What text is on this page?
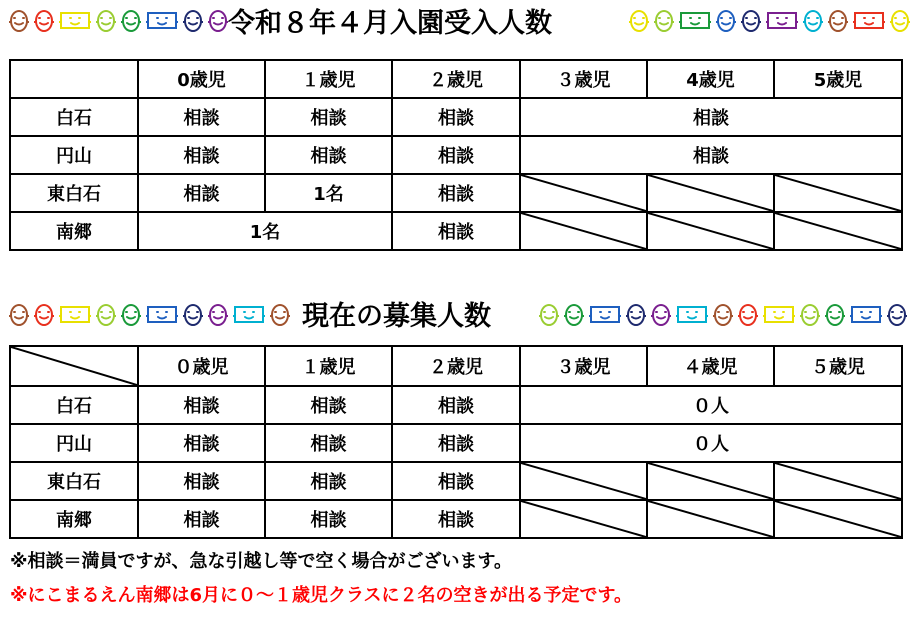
令和８年４月入園受入人数
	0歳児	１歳児	２歳児	３歳児	4歳児	5歳児
白石	相談	相談	相談	相談		
円山	相談	相談	相談	相談		
東白石	相談	1名	相談	

南郷	1名		相談	

現在の募集人数
	０歳児	１歳児	２歳児	３歳児	４歳児	５歳児
白石	相談	相談	相談	０人		
円山	相談	相談	相談	０人		
東白石	相談	相談	相談	

南郷	相談	相談	相談	

※相談＝満員ですが、急な引越し等で空く場合がございます。
※にこまるえん南郷は6月に０～１歳児クラスに２名の空きが出る予定です。
